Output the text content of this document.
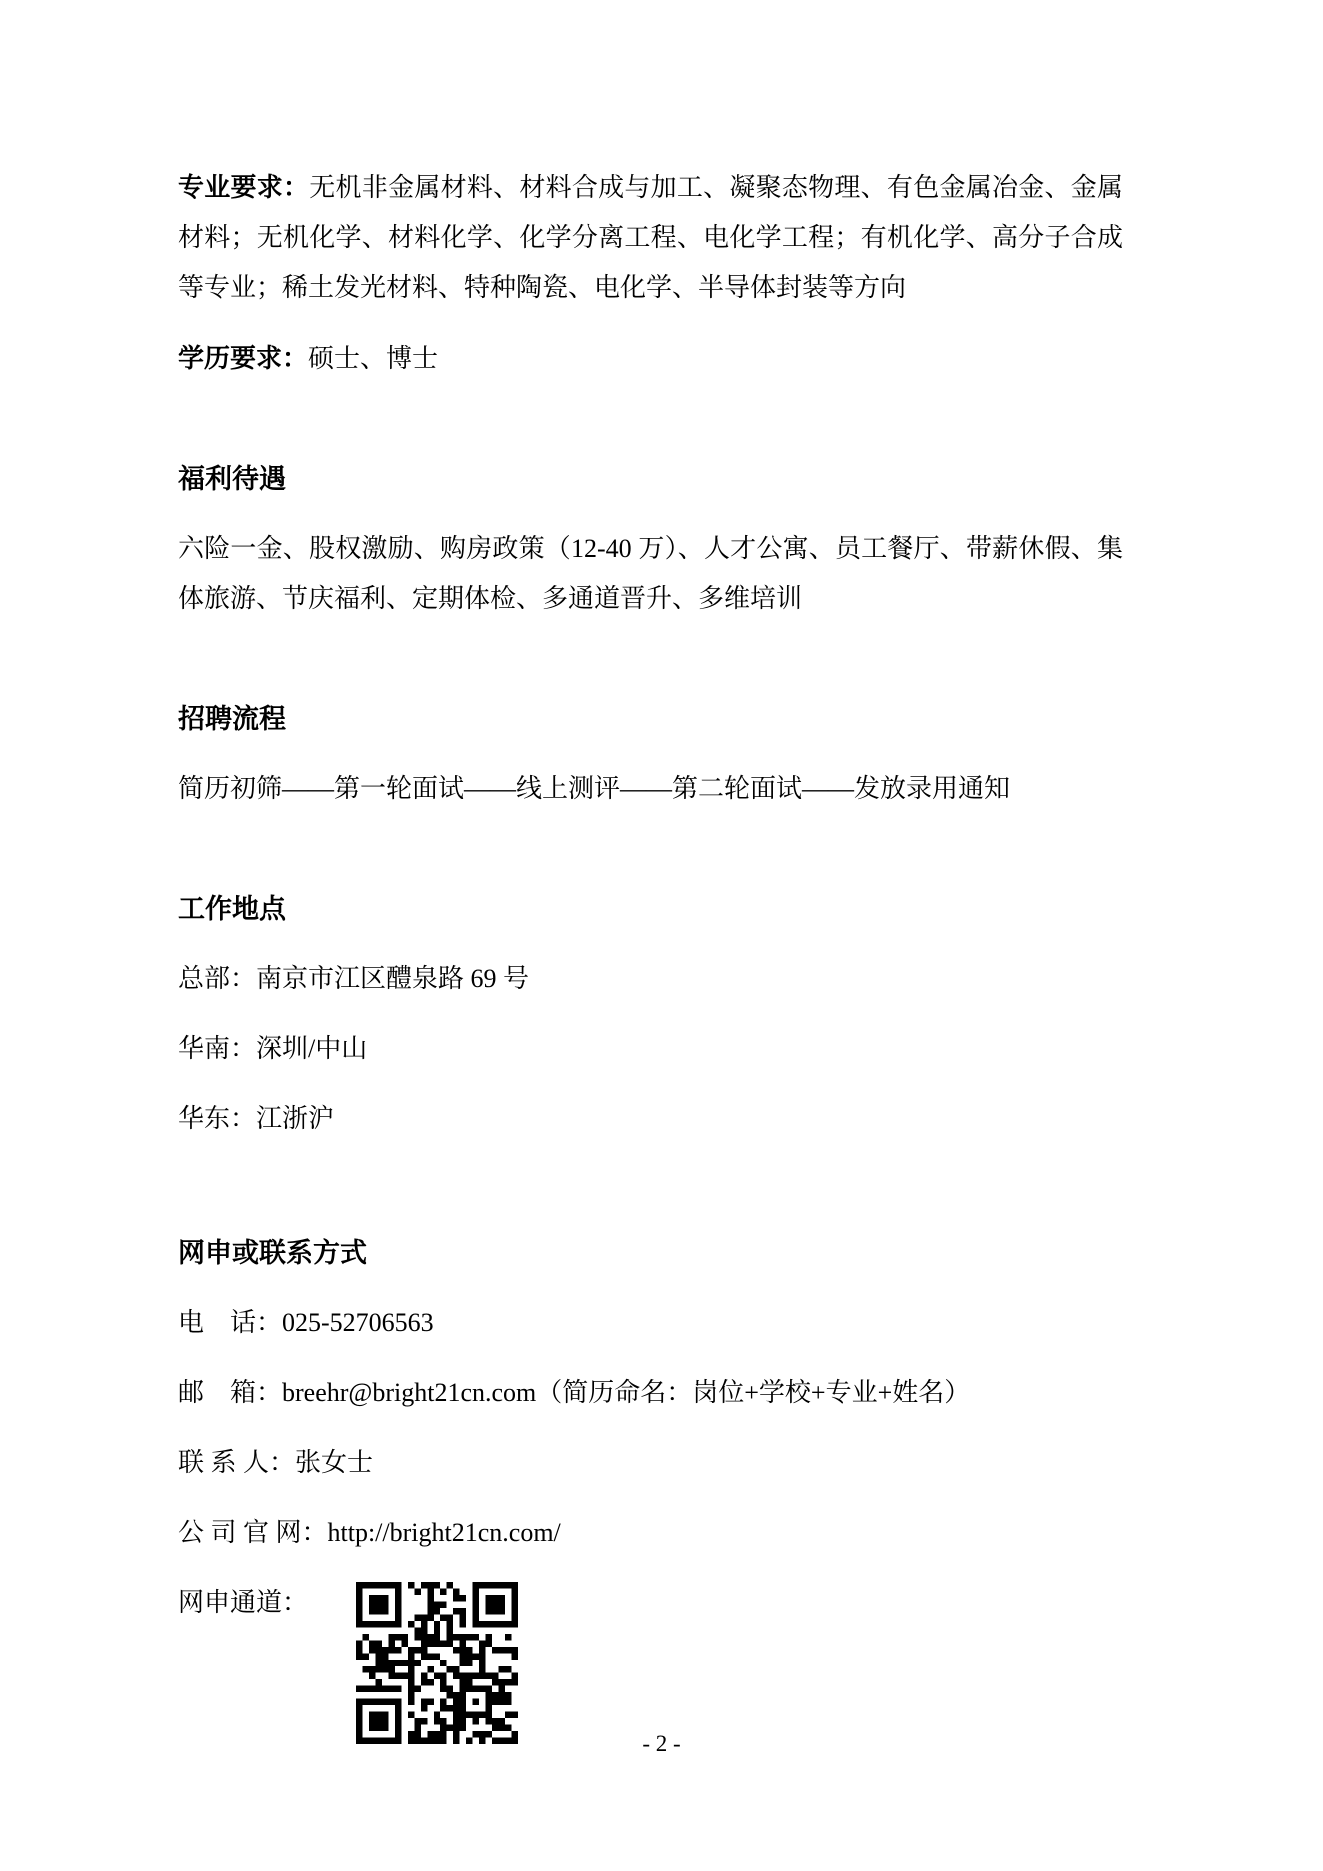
专业要求：无机非金属材料、材料合成与加工、凝聚态物理、有色金属冶金、金属材料；无机化学、材料化学、化学分离工程、电化学工程；有机化学、高分子合成等专业；稀土发光材料、特种陶瓷、电化学、半导体封装等方向

学历要求：硕士、博士

福利待遇

六险一金、股权激励、购房政策（12-40 万）、人才公寓、员工餐厅、带薪休假、集体旅游、节庆福利、定期体检、多通道晋升、多维培训

招聘流程

简历初筛——第一轮面试——线上测评——第二轮面试——发放录用通知

工作地点

总部：南京市江区醴泉路 69 号

华南：深圳/中山

华东：江浙沪

网申或联系方式

电　话：025-52706563

邮　箱：breehr@bright21cn.com（简历命名：岗位+学校+专业+姓名）

联 系 人：张女士

公 司 官 网：http://bright21cn.com/

网申通道：
- 2 -
